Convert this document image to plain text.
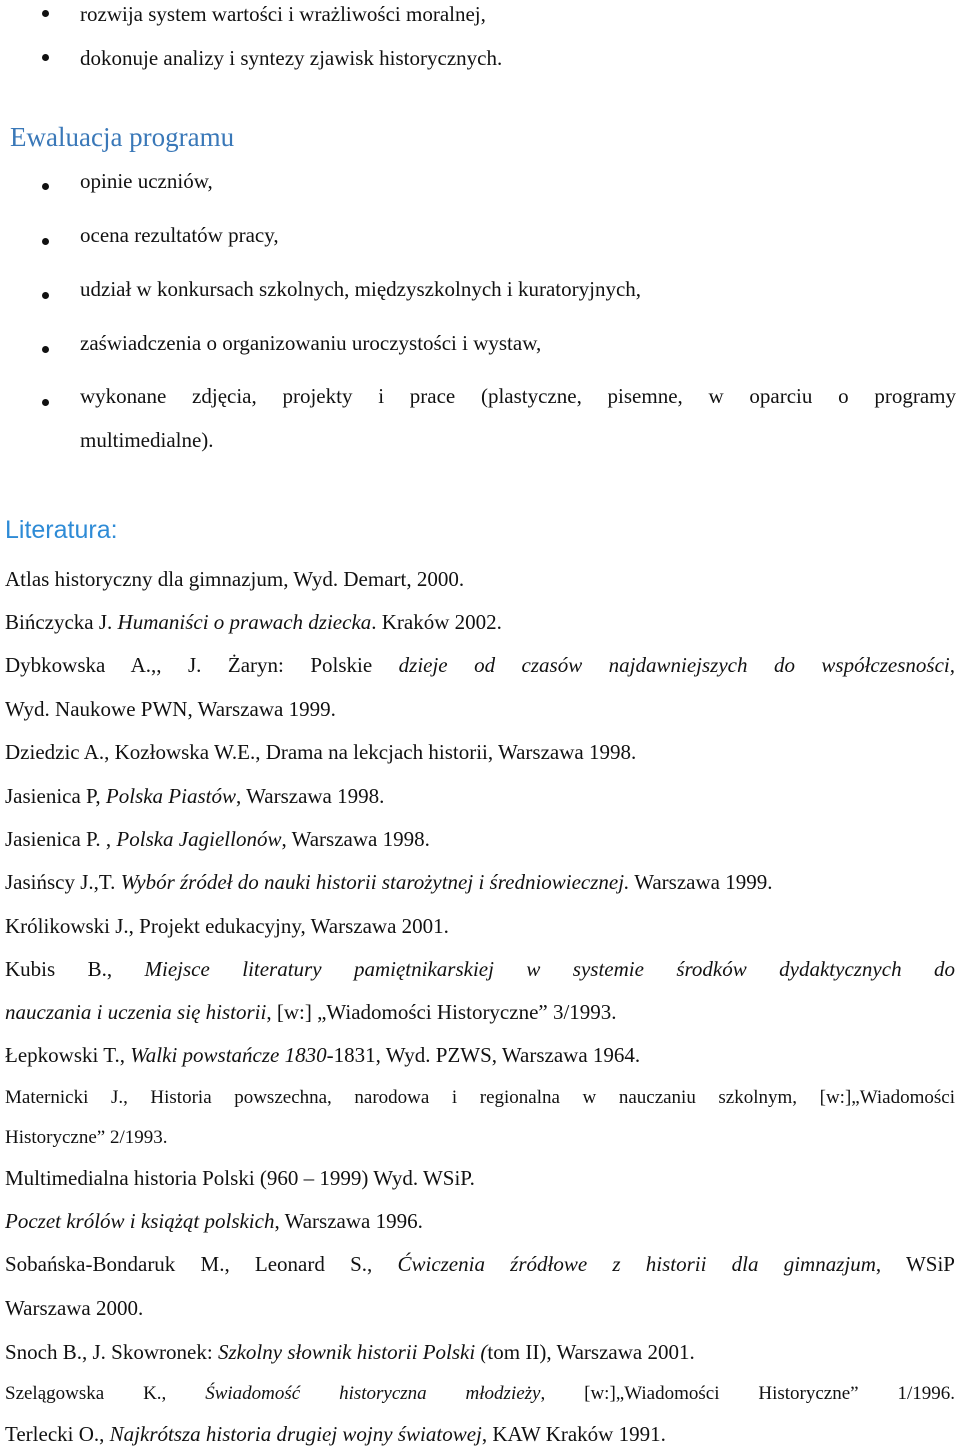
rozwija system wartości i wrażliwości moralnej,
dokonuje analizy i syntezy zjawisk historycznych.
Ewaluacja programu
opinie uczniów,
ocena rezultatów pracy,
udział w konkursach szkolnych, międzyszkolnych i kuratoryjnych,
zaświadczenia o organizowaniu uroczystości i wystaw,
wykonane zdjęcia, projekty i prace (plastyczne, pisemne, w oparciu o programy
multimedialne).
Literatura:
Atlas historyczny dla gimnazjum, Wyd. Demart, 2000.
Bińczycka J. Humaniści o prawach dziecka. Kraków 2002.
Dybkowska A.,, J. Żaryn: Polskie dzieje od czasów najdawniejszych do współczesności,
Wyd. Naukowe PWN, Warszawa 1999.
Dziedzic A., Kozłowska W.E., Drama na lekcjach historii, Warszawa 1998.
Jasienica P, Polska Piastów, Warszawa 1998.
Jasienica P. , Polska Jagiellonów, Warszawa 1998.
Jasińscy J.,T. Wybór źródeł do nauki historii starożytnej i średniowiecznej. Warszawa 1999.
Królikowski J., Projekt edukacyjny, Warszawa 2001.
Kubis B., Miejsce literatury pamiętnikarskiej w systemie środków dydaktycznych do
nauczania i uczenia się historii, [w:] „Wiadomości Historyczne” 3/1993.
Łepkowski T., Walki powstańcze 1830-1831, Wyd. PZWS, Warszawa 1964.
Maternicki J., Historia powszechna, narodowa i regionalna w nauczaniu szkolnym, [w:]„Wiadomości
Historyczne” 2/1993.
Multimedialna historia Polski (960 – 1999) Wyd. WSiP.
Poczet królów i książąt polskich, Warszawa 1996.
Sobańska-Bondaruk M., Leonard S., Ćwiczenia źródłowe z historii dla gimnazjum, WSiP
Warszawa 2000.
Snoch B., J. Skowronek: Szkolny słownik historii Polski (tom II), Warszawa 2001.
Szelągowska K., Świadomość historyczna młodzieży, [w:]„Wiadomości Historyczne” 1/1996.
Terlecki O., Najkrótsza historia drugiej wojny światowej, KAW Kraków 1991.
